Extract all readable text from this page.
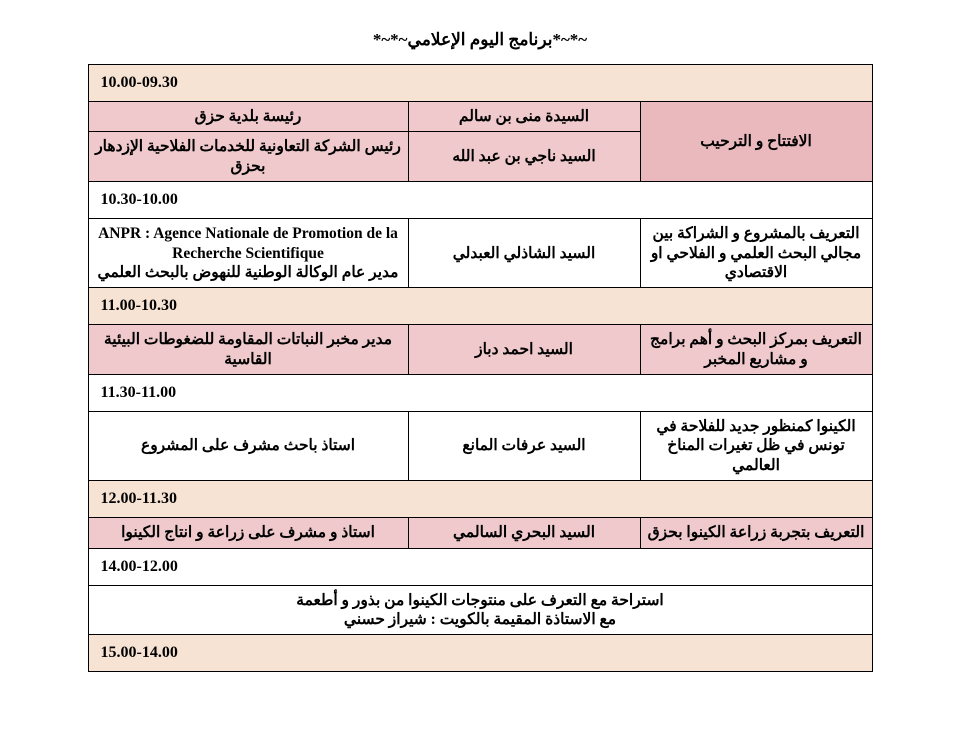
~*~*برنامج اليوم الإعلامي~*~*
10.00-09.30		
الافتتاح و الترحيب	السيدة منى بن سالم	رئيسة بلدية حزق
	السيد ناجي بن عبد الله	رئيس الشركة التعاونية للخدمات الفلاحية الإزدهار بحزق
10.30-10.00		
التعريف بالمشروع و الشراكة بين مجالي البحث العلمي و الفلاحي او الاقتصادي	السيد الشاذلي العبدلي	ANPR : Agence Nationale de Promotion de la Recherche Scientifique
مدير عام الوكالة الوطنية للنهوض بالبحث العلمي

11.00-10.30		
التعريف بمركز البحث و أهم برامج و مشاريع المخبر	السيد احمد دباز	مدير مخبر النباتات المقاومة للضغوطات البيئية القاسية
11.30-11.00		
الكينوا كمنظور جديد للفلاحة في تونس في ظل تغيرات المناخ العالمي	السيد عرفات المانع	استاذ باحث مشرف على المشروع
12.00-11.30		
التعريف بتجربة زراعة الكينوا بحزق	السيد البحري السالمي	استاذ و مشرف على زراعة و انتاج الكينوا
14.00-12.00		

استراحة مع التعرف على منتوجات الكينوا من بذور و أطعمة
مع الاستاذة المقيمة بالكويت : شيراز حسني		

15.00-14.00		
